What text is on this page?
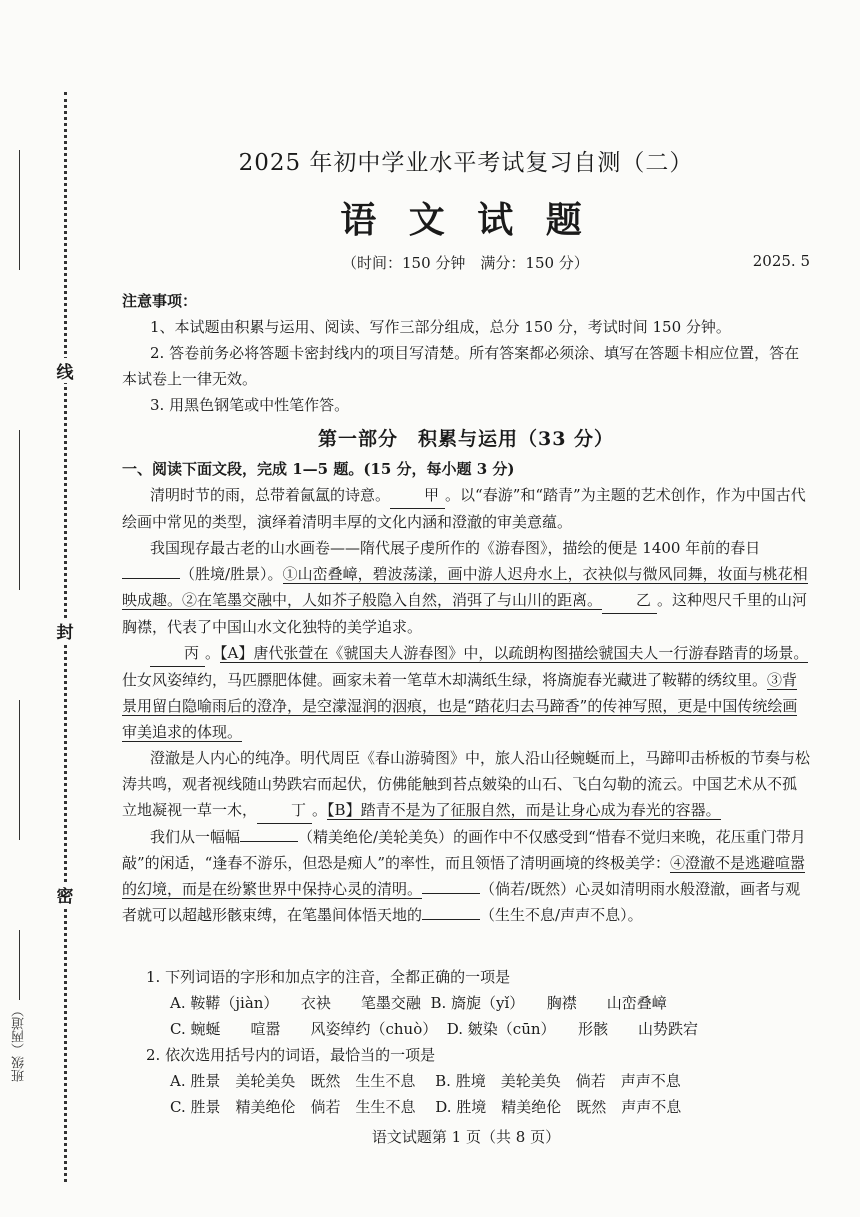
线
封
密
班级（两道）
2025 年初中学业水平考试复习自测（二）
语 文 试 题
（时间：150 分钟　满分：150 分）	2025. 5
注意事项：
1、本试题由积累与运用、阅读、写作三部分组成，总分 150 分，考试时间 150 分钟。
2. 答卷前务必将答题卡密封线内的项目写清楚。所有答案都必须涂、填写在答题卡相应位置，答在本试卷上一律无效。
3. 用黑色钢笔或中性笔作答。
第一部分　积累与运用（33 分）
一、阅读下面文段，完成 1—5 题。(15 分，每小题 3 分)

清明时节的雨，总带着氤氲的诗意。 甲 。以“春游”和“踏青”为主题的艺术创作，作为中国古代绘画中常见的类型，演绎着清明丰厚的文化内涵和澄澈的审美意蕴。

我国现存最古老的山水画卷——隋代展子虔所作的《游春图》，描绘的便是 1400 年前的春日（胜境/胜景）。①山峦叠嶂，碧波荡漾，画中游人迟舟水上，衣袂似与微风同舞，妆面与桃花相映成趣。②在笔墨交融中，人如芥子般隐入自然，消弭了与山川的距离。 乙 。这种咫尺千里的山河胸襟，代表了中国山水文化独特的美学追求。

丙 。【A】唐代张萱在《虢国夫人游春图》中，以疏朗构图描绘虢国夫人一行游春踏青的场景。仕女风姿绰约，马匹膘肥体健。画家未着一笔草木却满纸生绿，将旖旎春光藏进了鞍鞯的绣纹里。③背景用留白隐喻雨后的澄净，是空濛湿润的洇痕，也是“踏花归去马蹄香”的传神写照，更是中国传统绘画审美追求的体现。

澄澈是人内心的纯净。明代周臣《春山游骑图》中，旅人沿山径蜿蜒而上，马蹄叩击桥板的节奏与松涛共鸣，观者视线随山势跌宕而起伏，仿佛能触到苔点皴染的山石、飞白勾勒的流云。中国艺术从不孤立地凝视一草一木， 丁 。【B】踏青不是为了征服自然，而是让身心成为春光的容器。

我们从一幅幅	（精美绝伦/美轮美奂）的画作中不仅感受到“惜春不觉归来晚，花压重门带月敲”的闲适，“逢春不游乐，但恐是痴人”的率性，而且领悟了清明画境的终极美学：④澄澈不是逃避喧嚣的幻境，而是在纷繁世界中保持心灵的清明。	（倘若/既然）心灵如清明雨水般澄澈，画者与观者就可以超越形骸束缚，在笔墨间体悟天地的	（生生不息/声声不息）。

1. 下列词语的字形和加点字的注音，全都正确的一项是
A. 鞍鞯（jiàn）　　衣袂　　笔墨交融  B. 旖旎（yǐ）　　胸襟　　山峦叠嶂
C. 蜿蜒　　喧嚣　　风姿绰约（chuò）  D. 皴染（cūn）　　形骸　　山势跌宕
2. 依次选用括号内的词语，最恰当的一项是
A. 胜景　美轮美奂　既然　生生不息　 B. 胜境　美轮美奂　倘若　声声不息
C. 胜景　精美绝伦　倘若　生生不息　 D. 胜境　精美绝伦　既然　声声不息
语文试题第 1 页（共 8 页）
